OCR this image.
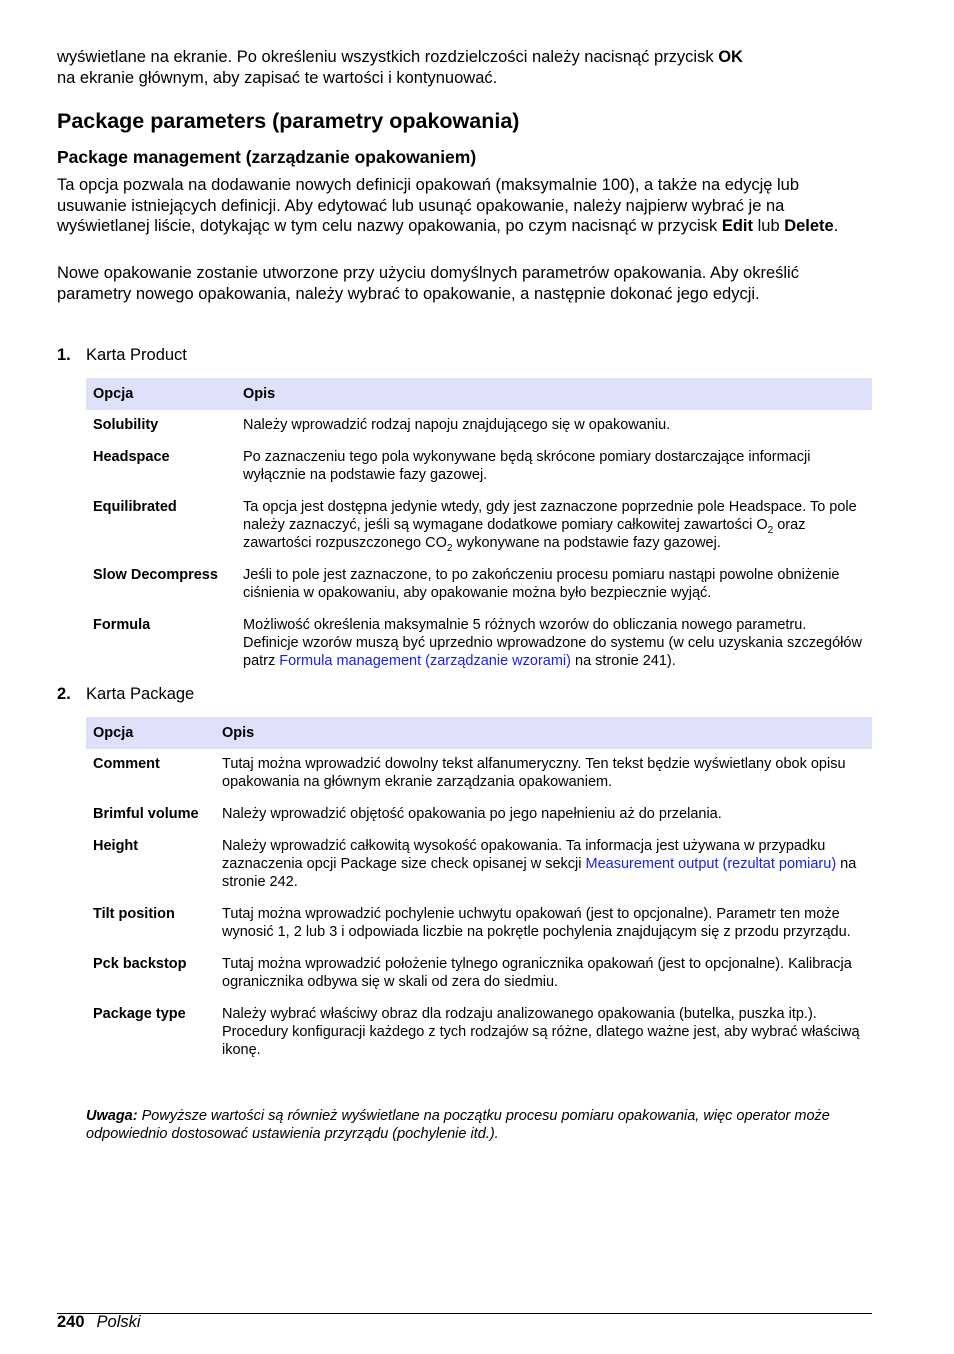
wyświetlane na ekranie. Po określeniu wszystkich rozdzielczości należy nacisnąć przycisk OK
na ekranie głównym, aby zapisać te wartości i kontynuować.

Package parameters (parametry opakowania)
Package management (zarządzanie opakowaniem)

Ta opcja pozwala na dodawanie nowych definicji opakowań (maksymalnie 100), a także na edycję lub usuwanie istniejących definicji. Aby edytować lub usunąć opakowanie, należy najpierw wybrać je na wyświetlanej liście, dotykając w tym celu nazwy opakowania, po czym nacisnąć w przycisk Edit lub Delete.

Nowe opakowanie zostanie utworzone przy użyciu domyślnych parametrów opakowania. Aby określić parametry nowego opakowania, należy wybrać to opakowanie, a następnie dokonać jego edycji.

1. Karta Product
Opcja	Opis
Solubility	Należy wprowadzić rodzaj napoju znajdującego się w opakowaniu.
Headspace	Po zaznaczeniu tego pola wykonywane będą skrócone pomiary dostarczające informacji wyłącznie na podstawie fazy gazowej.
Equilibrated	Ta opcja jest dostępna jedynie wtedy, gdy jest zaznaczone poprzednie pole Headspace. To pole należy zaznaczyć, jeśli są wymagane dodatkowe pomiary całkowitej zawartości $O_2$ oraz zawartości rozpuszczonego $CO_2$ wykonywane na podstawie fazy gazowej.
Slow Decompress	Jeśli to pole jest zaznaczone, to po zakończeniu procesu pomiaru nastąpi powolne obniżenie ciśnienia w opakowaniu, aby opakowanie można było bezpiecznie wyjąć.
Formula	Możliwość określenia maksymalnie 5 różnych wzorów do obliczania nowego parametru. Definicje wzorów muszą być uprzednio wprowadzone do systemu (w celu uzyskania szczegółów patrz Formula management (zarządzanie wzorami) na stronie 241).
2. Karta Package
Opcja	Opis
Comment	Tutaj można wprowadzić dowolny tekst alfanumeryczny. Ten tekst będzie wyświetlany obok opisu opakowania na głównym ekranie zarządzania opakowaniem.
Brimful volume	Należy wprowadzić objętość opakowania po jego napełnieniu aż do przelania.
Height	Należy wprowadzić całkowitą wysokość opakowania. Ta informacja jest używana w przypadku zaznaczenia opcji Package size check opisanej w sekcji Measurement output (rezultat pomiaru) na stronie 242.
Tilt position	Tutaj można wprowadzić pochylenie uchwytu opakowań (jest to opcjonalne). Parametr ten może wynosić 1, 2 lub 3 i odpowiada liczbie na pokrętle pochylenia znajdującym się z przodu przyrządu.
Pck backstop	Tutaj można wprowadzić położenie tylnego ogranicznika opakowań (jest to opcjonalne). Kalibracja ogranicznika odbywa się w skali od zera do siedmiu.
Package type	Należy wybrać właściwy obraz dla rodzaju analizowanego opakowania (butelka, puszka itp.). Procedury konfiguracji każdego z tych rodzajów są różne, dlatego ważne jest, aby wybrać właściwą ikonę.

Uwaga: Powyższe wartości są również wyświetlane na początku procesu pomiaru opakowania, więc operator może odpowiednio dostosować ustawienia przyrządu (pochylenie itd.).

240 Polski
